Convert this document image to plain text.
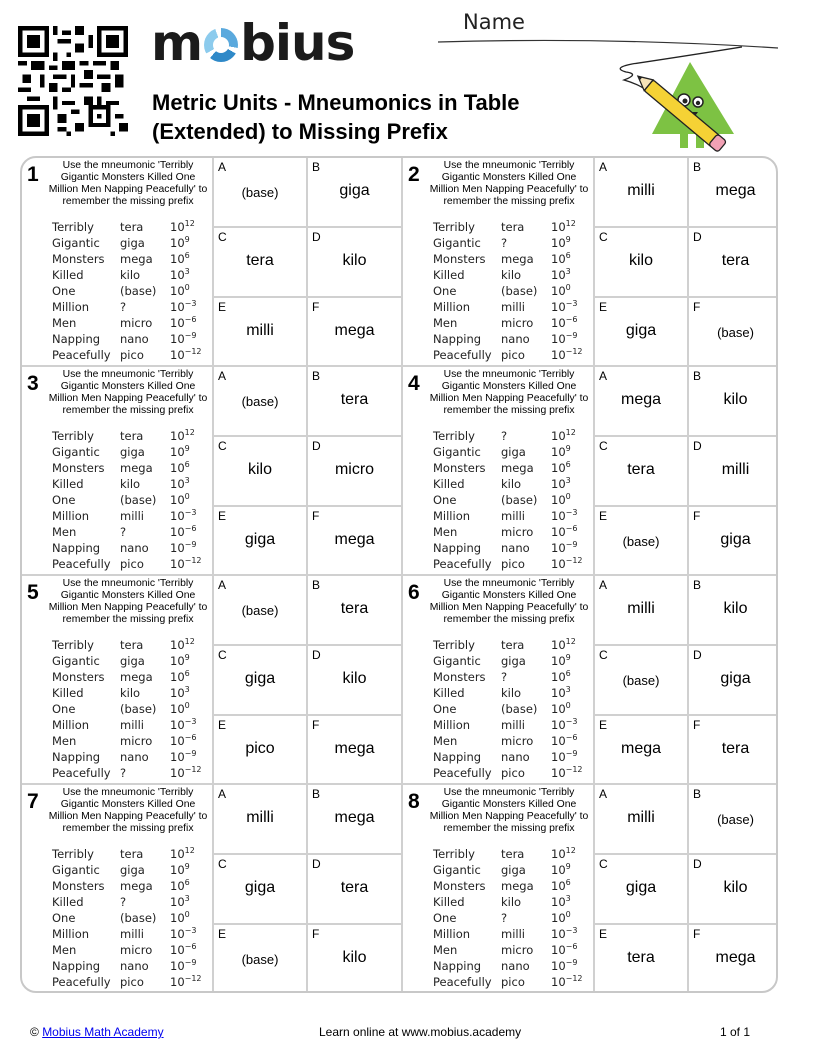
m bius
Metric Units - Mneumonics in Table
(Extended) to Missing Prefix
Name
1	Use the mneumonic 'Terribly Gigantic Monsters Killed One Million Men Napping Peacefully' to remember the missing prefix
Terribly tera $10^{12}$
Gigantic giga $10^9$
Monsters mega $10^6$
Killed	kilo	$10^3$
One	(base) $10^0$
Million	?	$10^{-3}$
Men	micro $10^{-6}$
Napping nano $10^{-9}$
Peacefully pico $10^{-12}$
A
(base)
B
giga
C
tera
D
kilo
E
milli
F
mega
2	Use the mneumonic 'Terribly Gigantic Monsters Killed One Million Men Napping Peacefully' to remember the missing prefix
Terribly tera $10^{12}$
Gigantic ?	$10^9$
Monsters mega $10^6$
Killed	kilo	$10^3$
One	(base) $10^0$
Million	milli $10^{-3}$
Men	micro $10^{-6}$
Napping nano $10^{-9}$
Peacefully pico $10^{-12}$
A
milli
B
mega
C
kilo
D
tera
E
giga
F
(base)
3	Use the mneumonic 'Terribly Gigantic Monsters Killed One Million Men Napping Peacefully' to remember the missing prefix
Terribly tera $10^{12}$
Gigantic giga $10^9$
Monsters mega $10^6$
Killed	kilo	$10^3$
One	(base) $10^0$
Million	milli $10^{-3}$
Men	?	$10^{-6}$
Napping nano $10^{-9}$
Peacefully pico $10^{-12}$
A
(base)
B
tera
C
kilo
D
micro
E
giga
F
mega
4	Use the mneumonic 'Terribly Gigantic Monsters Killed One Million Men Napping Peacefully' to remember the missing prefix
Terribly ?	$10^{12}$
Gigantic giga $10^9$
Monsters mega $10^6$
Killed	kilo	$10^3$
One	(base) $10^0$
Million	milli $10^{-3}$
Men	micro $10^{-6}$
Napping nano $10^{-9}$
Peacefully pico $10^{-12}$
A
mega
B
kilo
C
tera
D
milli
E
(base)
F
giga
5	Use the mneumonic 'Terribly Gigantic Monsters Killed One Million Men Napping Peacefully' to remember the missing prefix
Terribly tera $10^{12}$
Gigantic giga $10^9$
Monsters mega $10^6$
Killed	kilo	$10^3$
One	(base) $10^0$
Million	milli $10^{-3}$
Men	micro $10^{-6}$
Napping nano $10^{-9}$
Peacefully ?	$10^{-12}$
A
(base)
B
tera
C
giga
D
kilo
E
pico
F
mega
6	Use the mneumonic 'Terribly Gigantic Monsters Killed One Million Men Napping Peacefully' to remember the missing prefix
Terribly tera $10^{12}$
Gigantic giga $10^9$
Monsters ?	$10^6$
Killed	kilo	$10^3$
One	(base) $10^0$
Million	milli $10^{-3}$
Men	micro $10^{-6}$
Napping nano $10^{-9}$
Peacefully pico $10^{-12}$
A
milli
B
kilo
C
(base)
D
giga
E
mega
F
tera
7	Use the mneumonic 'Terribly Gigantic Monsters Killed One Million Men Napping Peacefully' to remember the missing prefix
Terribly tera $10^{12}$
Gigantic giga $10^9$
Monsters mega $10^6$
Killed	?	$10^3$
One	(base) $10^0$
Million	milli $10^{-3}$
Men	micro $10^{-6}$
Napping nano $10^{-9}$
Peacefully pico $10^{-12}$
A
milli
B
mega
C
giga
D
tera
E
(base)
F
kilo
8	Use the mneumonic 'Terribly Gigantic Monsters Killed One Million Men Napping Peacefully' to remember the missing prefix
Terribly tera $10^{12}$
Gigantic giga $10^9$
Monsters mega $10^6$
Killed	kilo	$10^3$
One	?	$10^0$
Million	milli $10^{-3}$
Men	micro $10^{-6}$
Napping nano $10^{-9}$
Peacefully pico $10^{-12}$
A
milli
B
(base)
C
giga
D
kilo
E
tera
F
mega
© Mobius Math Academy	Learn online at www.mobius.academy	1 of 1
